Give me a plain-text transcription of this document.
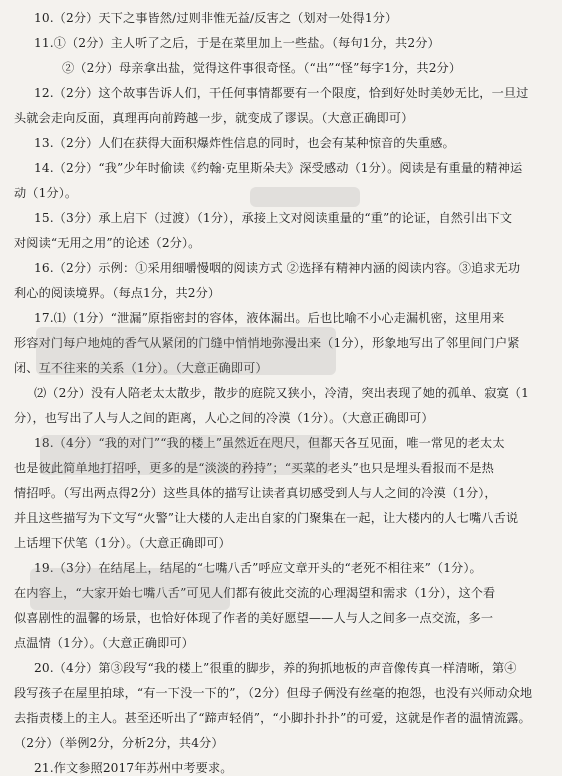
10.（2分）天下之事皆然/过则非惟无益/反害之（划对一处得1分）
11.①（2分）主人听了之后，于是在菜里加上一些盐。（每句1分，共2分）
②（2分）母亲拿出盐，觉得这件事很奇怪。（“出”“怪”每字1分，共2分）
12.（2分）这个故事告诉人们，干任何事情都要有一个限度，恰到好处时美妙无比，一旦过
头就会走向反面，真理再向前跨越一步，就变成了谬误。（大意正确即可）
13.（2分）人们在获得大面积爆炸性信息的同时，也会有某种惊音的失重感。
14.（2分）“我”少年时偷读《约翰·克里斯朵夫》深受感动（1分）。阅读是有重量的精神运
动（1分）。
15.（3分）承上启下（过渡）（1分），承接上文对阅读重量的“重”的论证，自然引出下文
对阅读“无用之用”的论述（2分）。
16.（2分）示例：①采用细嚼慢咽的阅读方式 ②选择有精神内涵的阅读内容。③追求无功
利心的阅读境界。（每点1分，共2分）
17.⑴（1分）“泄漏”原指密封的容体，液体漏出。后也比喻不小心走漏机密，这里用来
形容对门每户地炖的香气从紧闭的门缝中悄悄地弥漫出来（1分），形象地写出了邻里间门户紧
闭、互不往来的关系（1分）。（大意正确即可）
⑵（2分）没有人陪老太太散步，散步的庭院又狭小，冷清，突出表现了她的孤单、寂寞（1
分），也写出了人与人之间的距离，人心之间的冷漠（1分）。（大意正确即可）
18.（4分）“我的对门”“我的楼上”虽然近在咫尺，但都天各互见面，唯一常见的老太太
也是彼此简单地打招呼，更多的是“淡淡的矜持”；“买菜的老头”也只是埋头看报而不是热
情招呼。（写出两点得2分）这些具体的描写让读者真切感受到人与人之间的冷漠（1分），
并且这些描写为下文写“火警”让大楼的人走出自家的门聚集在一起，让大楼内的人七嘴八舌说
上话埋下伏笔（1分）。（大意正确即可）
19.（3分）在结尾上，结尾的“七嘴八舌”呼应文章开头的“老死不相往来”（1分）。
在内容上，“大家开始七嘴八舌”可见人们都有彼此交流的心理渴望和需求（1分），这个看
似喜剧性的温馨的场景，也恰好体现了作者的美好愿望——人与人之间多一点交流，多一
点温情（1分）。（大意正确即可）
20.（4分）第③段写“我的楼上”很重的脚步，养的狗抓地板的声音像传真一样清晰，第④
段写孩子在屋里拍球，“有一下没一下的”，（2分）但母子俩没有丝毫的抱怨，也没有兴师动众地
去指责楼上的主人。甚至还听出了“蹄声轻俏”，“小脚扑扑扑”的可爱，这就是作者的温情流露。
（2分）（举例2分，分析2分，共4分）
21.作文参照2017年苏州中考要求。
